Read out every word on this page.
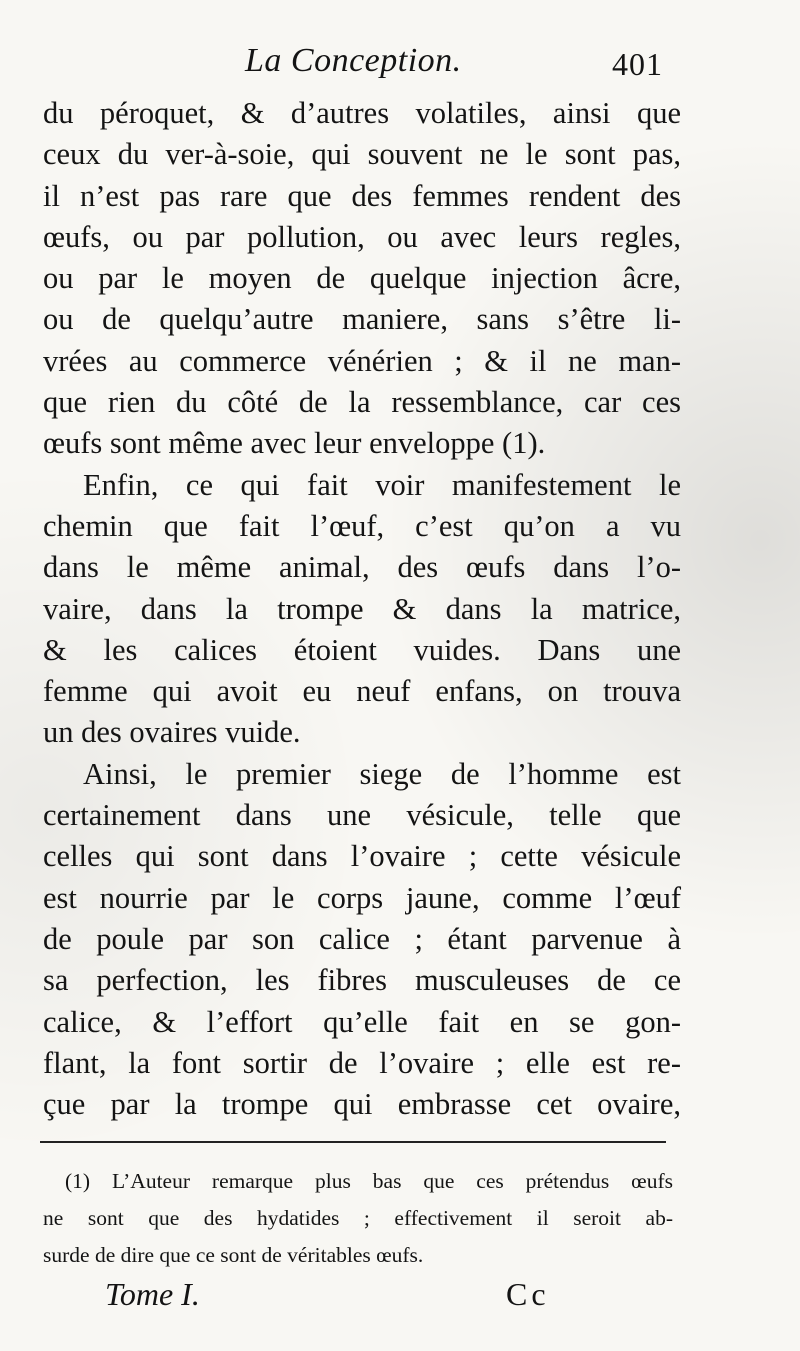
La Conception.	401
du péroquet, & d’autres volatiles, ainsi que
ceux du ver-à-soie, qui souvent ne le sont pas,
il n’est pas rare que des femmes rendent des
œufs, ou par pollution, ou avec leurs regles,
ou par le moyen de quelque injection âcre,
ou de quelqu’autre maniere, sans s’être li-
vrées au commerce vénérien ; & il ne man-
que rien du côté de la ressemblance, car ces
œufs sont même avec leur enveloppe (1).
Enfin, ce qui fait voir manifestement le
chemin que fait l’œuf, c’est qu’on a vu
dans le même animal, des œufs dans l’o-
vaire, dans la trompe & dans la matrice,
& les calices étoient vuides. Dans une
femme qui avoit eu neuf enfans, on trouva
un des ovaires vuide.
Ainsi, le premier siege de l’homme est
certainement dans une vésicule, telle que
celles qui sont dans l’ovaire ; cette vésicule
est nourrie par le corps jaune, comme l’œuf
de poule par son calice ; étant parvenue à
sa perfection, les fibres musculeuses de ce
calice, & l’effort qu’elle fait en se gon-
flant, la font sortir de l’ovaire ; elle est re-
çue par la trompe qui embrasse cet ovaire,
(1) L’Auteur remarque plus bas que ces prétendus œufs
ne sont que des hydatides ; effectivement il seroit ab-
surde de dire que ce sont de véritables œufs.
Tome I.	Cc
